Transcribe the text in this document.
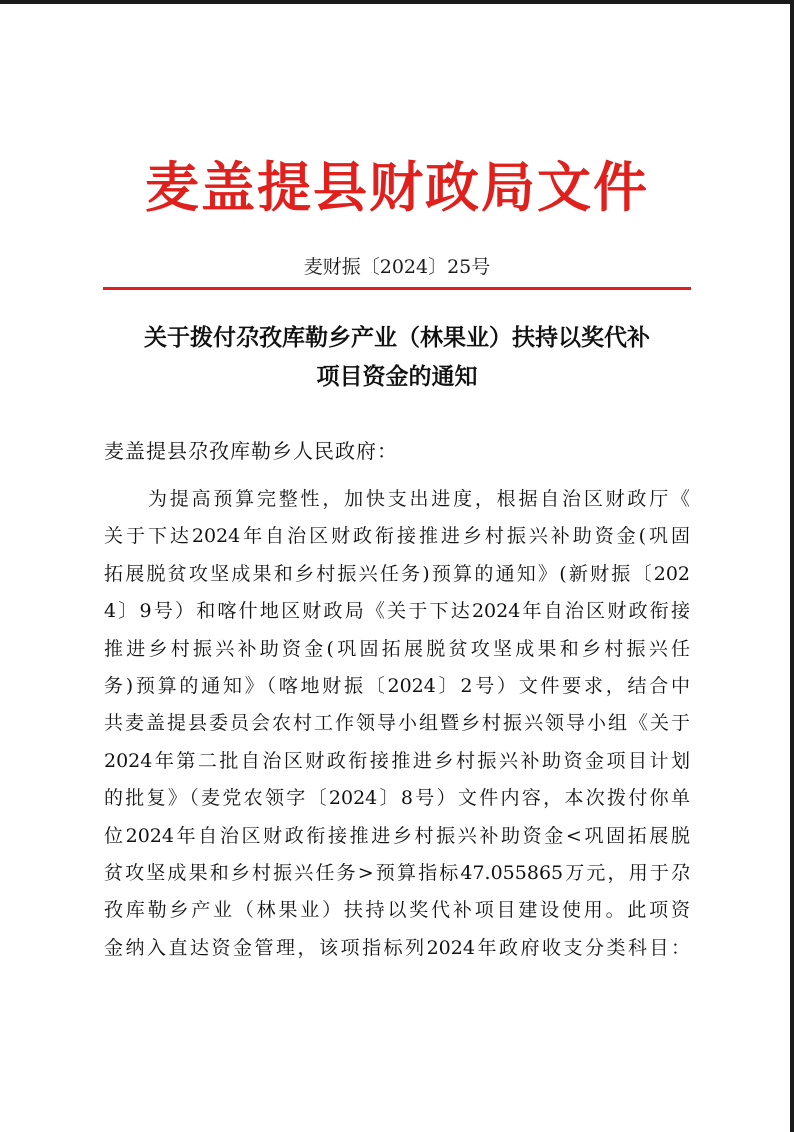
麦盖提县财政局文件
麦财振〔2024〕25号
关于拨付尕孜库勒乡产业（林果业）扶持以奖代补
项目资金的通知
麦盖提县尕孜库勒乡人民政府：
为提高预算完整性，加快支出进度，根据自治区财政厅《
关于下达2024年自治区财政衔接推进乡村振兴补助资金(巩固
拓展脱贫攻坚成果和乡村振兴任务)预算的通知》(新财振〔202
4〕9号）和喀什地区财政局《关于下达2024年自治区财政衔接
推进乡村振兴补助资金(巩固拓展脱贫攻坚成果和乡村振兴任
务)预算的通知》（喀地财振〔2024〕2号）文件要求，结合中
共麦盖提县委员会农村工作领导小组暨乡村振兴领导小组《关于
2024年第二批自治区财政衔接推进乡村振兴补助资金项目计划
的批复》（麦党农领字〔2024〕8号）文件内容，本次拨付你单
位2024年自治区财政衔接推进乡村振兴补助资金<巩固拓展脱
贫攻坚成果和乡村振兴任务>预算指标47.055865万元，用于尕
孜库勒乡产业（林果业）扶持以奖代补项目建设使用。此项资
金纳入直达资金管理，该项指标列2024年政府收支分类科目：
